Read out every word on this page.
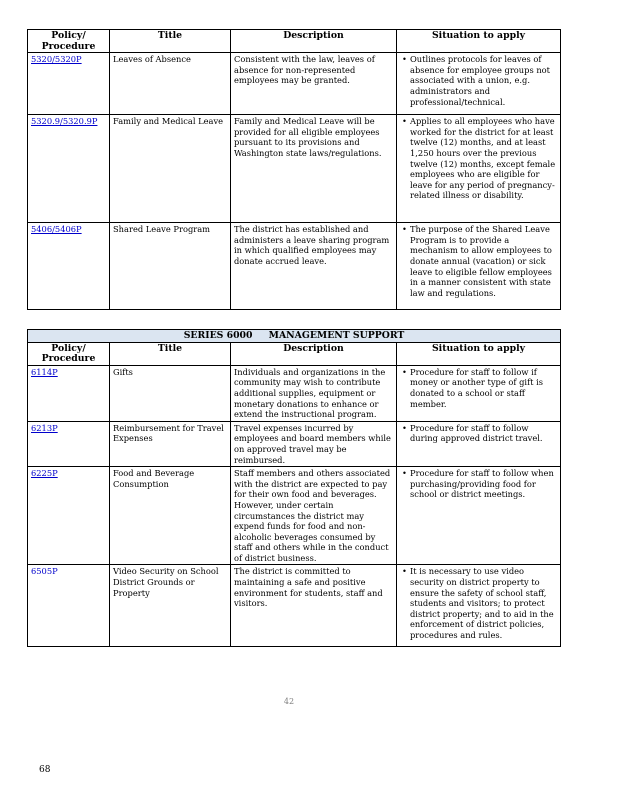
Policy/ Procedure	Title	Description	Situation to apply
5320/5320P	Leaves of Absence	Consistent with the law, leaves of absence for non-represented employees may be granted.	• Outlines protocols for leaves of absence for employee groups not associated with a union, e.g. administrators and professional/technical.
5320.9/5320.9P	Family and Medical Leave	Family and Medical Leave will be provided for all eligible employees pursuant to its provisions and Washington state laws/regulations.	• Applies to all employees who have worked for the district for at least twelve (12) months, and at least 1,250 hours over the previous twelve (12) months, except female employees who are eligible for leave for any period of pregnancy-related illness or disability.
5406/5406P	Shared Leave Program	The district has established and administers a leave sharing program in which qualified employees may donate accrued leave.	• The purpose of the Shared Leave Program is to provide a mechanism to allow employees to donate annual (vacation) or sick leave to eligible fellow employees in a manner consistent with state law and regulations.
SERIES 6000     MANAGEMENT SUPPORT			
Policy/ Procedure	Title	Description	Situation to apply
6114P	Gifts	Individuals and organizations in the community may wish to contribute additional supplies, equipment or monetary donations to enhance or extend the instructional program.	• Procedure for staff to follow if money or another type of gift is donated to a school or staff member.
6213P	Reimbursement for Travel Expenses	Travel expenses incurred by employees and board members while on approved travel may be reimbursed.	• Procedure for staff to follow during approved district travel.
6225P	Food and Beverage Consumption	Staff members and others associated with the district are expected to pay for their own food and beverages. However, under certain circumstances the district may expend funds for food and non-alcoholic beverages consumed by staff and others while in the conduct of district business.	• Procedure for staff to follow when purchasing/providing food for school or district meetings.
6505P	Video Security on School District Grounds or Property	The district is committed to maintaining a safe and positive environment for students, staff and visitors.	• It is necessary to use video security on district property to ensure the safety of school staff, students and visitors; to protect district property; and to aid in the enforcement of district policies, procedures and rules.
42
68
